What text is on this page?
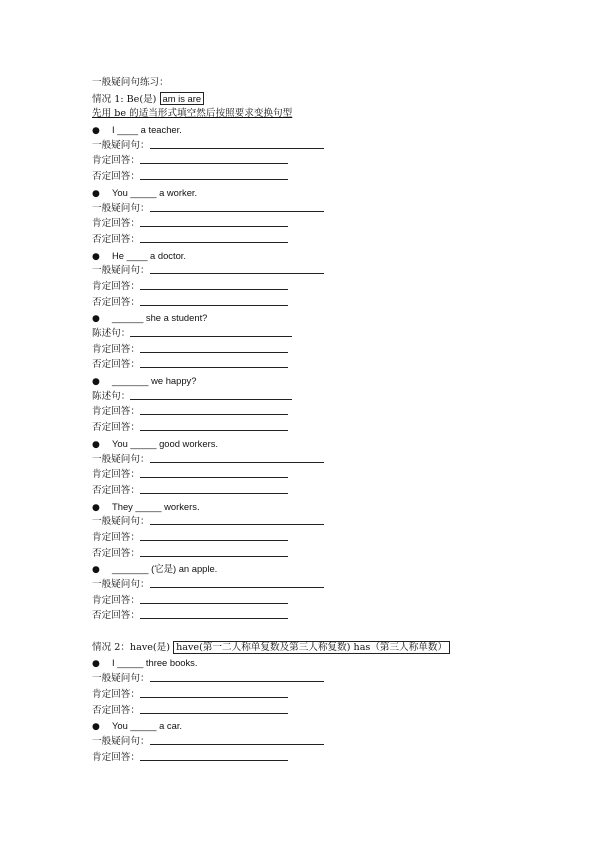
一般疑问句练习：
情况 1: Be(是) am is are
先用 be 的适当形式填空然后按照要求变换句型
● I ____ a teacher.
一般疑问句：
肯定回答：
否定回答：
● You _____ a worker.
一般疑问句：
肯定回答：
否定回答：
● He ____ a doctor.
一般疑问句：
肯定回答：
否定回答：
● ______ she a student?
陈述句：
肯定回答：
否定回答：
● _______ we happy?
陈述句：
肯定回答：
否定回答：
● You _____ good workers.
一般疑问句：
肯定回答：
否定回答：
● They _____ workers.
一般疑问句：
肯定回答：
否定回答：
● _______ (它是) an apple.
一般疑问句：
肯定回答：
否定回答：
情况 2：have(是) have(第一二人称单复数及第三人称复数) has（第三人称单数）
● I _____ three books.
一般疑问句：
肯定回答：
否定回答：
● You _____ a car.
一般疑问句：
肯定回答：
